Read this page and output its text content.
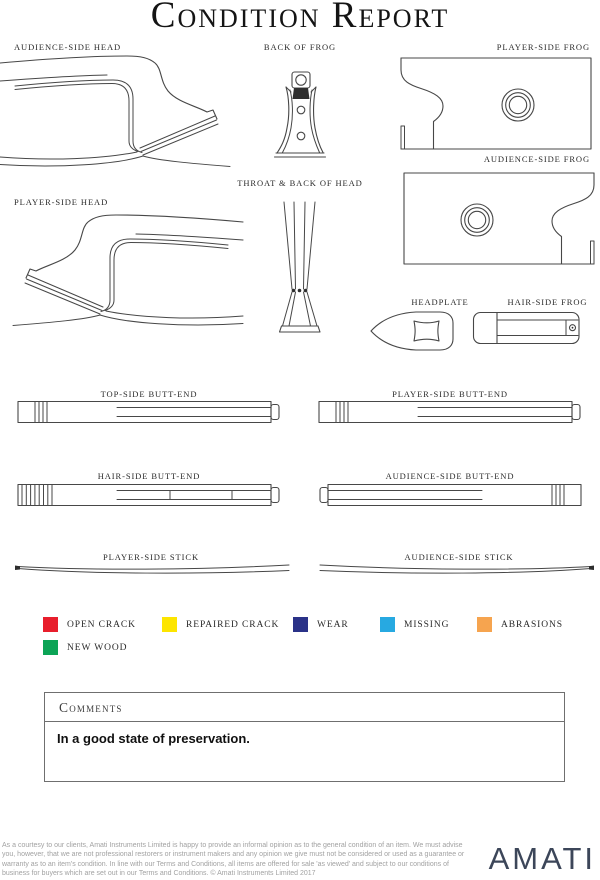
Condition Report
AUDIENCE-SIDE HEAD	BACK OF FROG	PLAYER-SIDE FROG
AUDIENCE-SIDE FROG
PLAYER-SIDE HEAD
THROAT & BACK OF HEAD
HEADPLATE	HAIR-SIDE FROG
TOP-SIDE BUTT-END	PLAYER-SIDE BUTT-END
HAIR-SIDE BUTT-END	AUDIENCE-SIDE BUTT-END
PLAYER-SIDE STICK	AUDIENCE-SIDE STICK
OPEN CRACK	REPAIRED CRACK	WEAR	MISSING	ABRASIONS
NEW WOOD
Comments
In a good state of preservation.
As a courtesy to our clients, Amati Instruments Limited is happy to provide an informal opinion as to the general condition of an item. We must advise you, however, that we are not professional restorers or instrument makers and any opinion we give must not be considered or used as a guarantee or warranty as to an item's condition. In line with our Terms and Conditions, all items are offered for sale 'as viewed' and subject to our conditions of business for buyers which are set out in our Terms and Conditions. © Amati Instruments Limited 2017	AMATI
